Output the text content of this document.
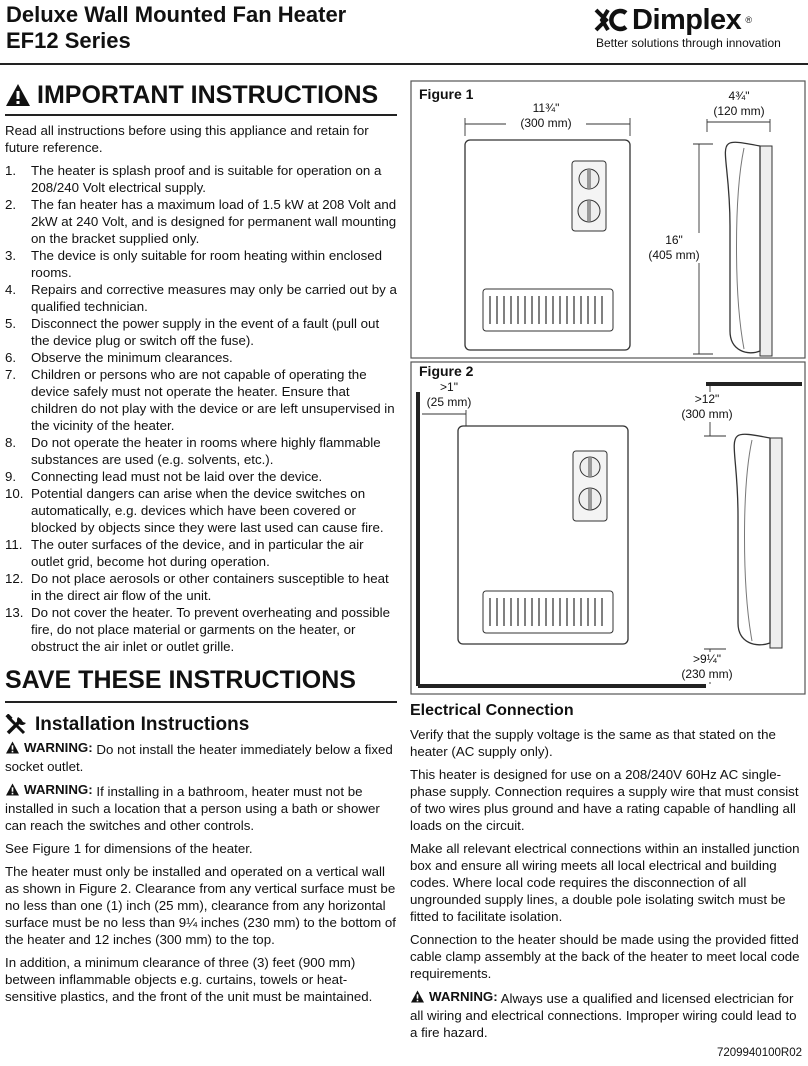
Deluxe Wall Mounted Fan Heater
EF12 Series
Dimplex ®
Better solutions through innovation
IMPORTANT INSTRUCTIONS
Read all instructions before using this appliance and retain for future reference.
1.	The heater is splash proof and is suitable for operation on a 208/240 Volt electrical supply.
2.	The fan heater has a maximum load of 1.5 kW at 208 Volt and 2kW at 240 Volt, and is designed for permanent wall mounting on the bracket supplied only.
3.	The device is only suitable for room heating within enclosed rooms.
4.	Repairs and corrective measures may only be carried out by a qualified technician.
5.	Disconnect the power supply in the event of a fault (pull out the device plug or switch off the fuse).
6.	Observe the minimum clearances.
7.	Children or persons who are not capable of operating the device safely must not operate the heater. Ensure that children do not play with the device or are left unsupervised in the vicinity of the heater.
8.	Do not operate the heater in rooms where highly flammable substances are used (e.g. solvents, etc.).
9.	Connecting lead must not be laid over the device.
10. Potential dangers can arise when the device switches on automatically, e.g. devices which have been covered or blocked by objects since they were last used can cause fire.
11. The outer surfaces of the device, and in particular the air outlet grid, become hot during operation.
12. Do not place aerosols or other containers susceptible to heat in the direct air flow of the unit.
13. Do not cover the heater. To prevent overheating and possible fire, do not place material or garments on the heater, or obstruct the air inlet or outlet grille.
SAVE THESE INSTRUCTIONS
Installation Instructions
WARNING: Do not install the heater immediately below a fixed socket outlet.
WARNING: If installing in a bathroom, heater must not be installed in such a location that a person using a bath or shower can reach the switches and other controls.
See Figure 1 for dimensions of the heater.
The heater must only be installed and operated on a vertical wall as shown in Figure 2. Clearance from any vertical surface must be no less than one (1) inch (25 mm), clearance from any horizontal surface must be no less than 9¼ inches (230 mm) to the bottom of the heater and 12 inches (300 mm) to the top.
In addition, a minimum clearance of three (3) feet (900 mm) between inflammable objects e.g. curtains, towels or heat-sensitive plastics, and the front of the unit must be maintained.
Figure 1
11¾"
(300 mm)
4¾"
(120 mm)
16"
(405 mm)
Figure 2
>1"
(25 mm)	>12"
(300 mm)
>9¼"
(230 mm)
Electrical Connection
Verify that the supply voltage is the same as that stated on the heater (AC supply only).
This heater is designed for use on a 208/240V 60Hz AC single-phase supply. Connection requires a supply wire that must consist of two wires plus ground and have a rating capable of handling all loads on the circuit.
Make all relevant electrical connections within an installed junction box and ensure all wiring meets all local electrical and building codes. Where local code requires the disconnection of all ungrounded supply lines, a double pole isolating switch must be fitted to facilitate isolation.
Connection to the heater should be made using the provided fitted cable clamp assembly at the back of the heater to meet local code requirements.
WARNING: Always use a qualified and licensed electrician for all wiring and electrical connections. Improper wiring could lead to a fire hazard.
7209940100R02
